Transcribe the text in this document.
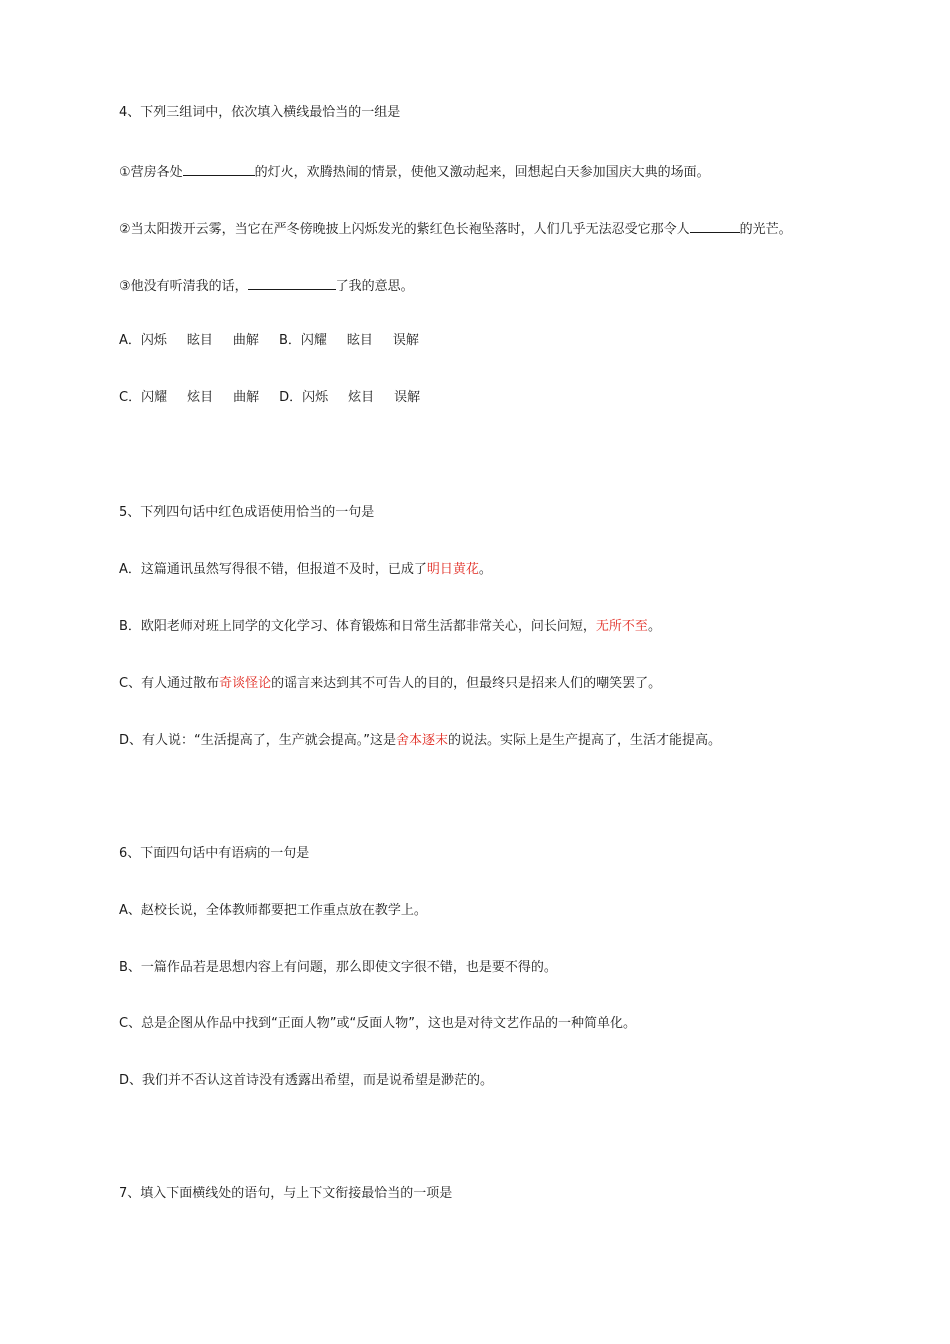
4、下列三组词中，依次填入横线最恰当的一组是
①营房各处	的灯火，欢腾热闹的情景，使他又激动起来，回想起白天参加国庆大典的场面。
②当太阳拨开云雾，当它在严冬傍晚披上闪烁发光的紫红色长袍坠落时，人们几乎无法忍受它那令人	的光芒。
③他没有听清我的话，	了我的意思。
A．闪烁 眩目 曲解 B．闪耀 眩目 误解
C．闪耀 炫目 曲解 D．闪烁 炫目 误解
5、下列四句话中红色成语使用恰当的一句是
A．这篇通讯虽然写得很不错，但报道不及时，已成了明日黄花。
B．欧阳老师对班上同学的文化学习、体育锻炼和日常生活都非常关心，问长问短，无所不至。
C、有人通过散布奇谈怪论的谣言来达到其不可告人的目的，但最终只是招来人们的嘲笑罢了。
D、有人说：“生活提高了，生产就会提高。”这是舍本逐末的说法。实际上是生产提高了，生活才能提高。
6、下面四句话中有语病的一句是
A、赵校长说，全体教师都要把工作重点放在教学上。
B、一篇作品若是思想内容上有问题，那么即使文字很不错，也是要不得的。
C、总是企图从作品中找到“正面人物”或“反面人物”，这也是对待文艺作品的一种简单化。
D、我们并不否认这首诗没有透露出希望，而是说希望是渺茫的。
7、填入下面横线处的语句，与上下文衔接最恰当的一项是
